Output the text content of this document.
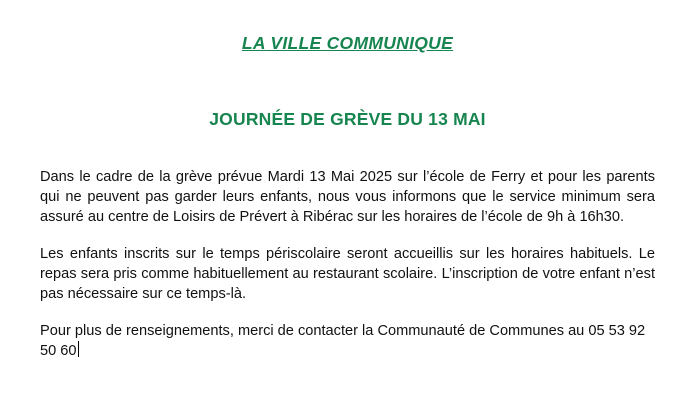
LA VILLE COMMUNIQUE
JOURNÉE DE GRÈVE DU 13 MAI

Dans le cadre de la grève prévue Mardi 13 Mai 2025 sur l’école de Ferry et pour les parents qui ne peuvent pas garder leurs enfants, nous vous informons que le service minimum sera assuré au centre de Loisirs de Prévert à Ribérac sur les horaires de l’école de 9h à 16h30.

Les enfants inscrits sur le temps périscolaire seront accueillis sur les horaires habituels. Le repas sera pris comme habituellement au restaurant scolaire. L’inscription de votre enfant n’est pas nécessaire sur ce temps-là.

Pour plus de renseignements, merci de contacter la Communauté de Communes au 05 53 92 50 60
